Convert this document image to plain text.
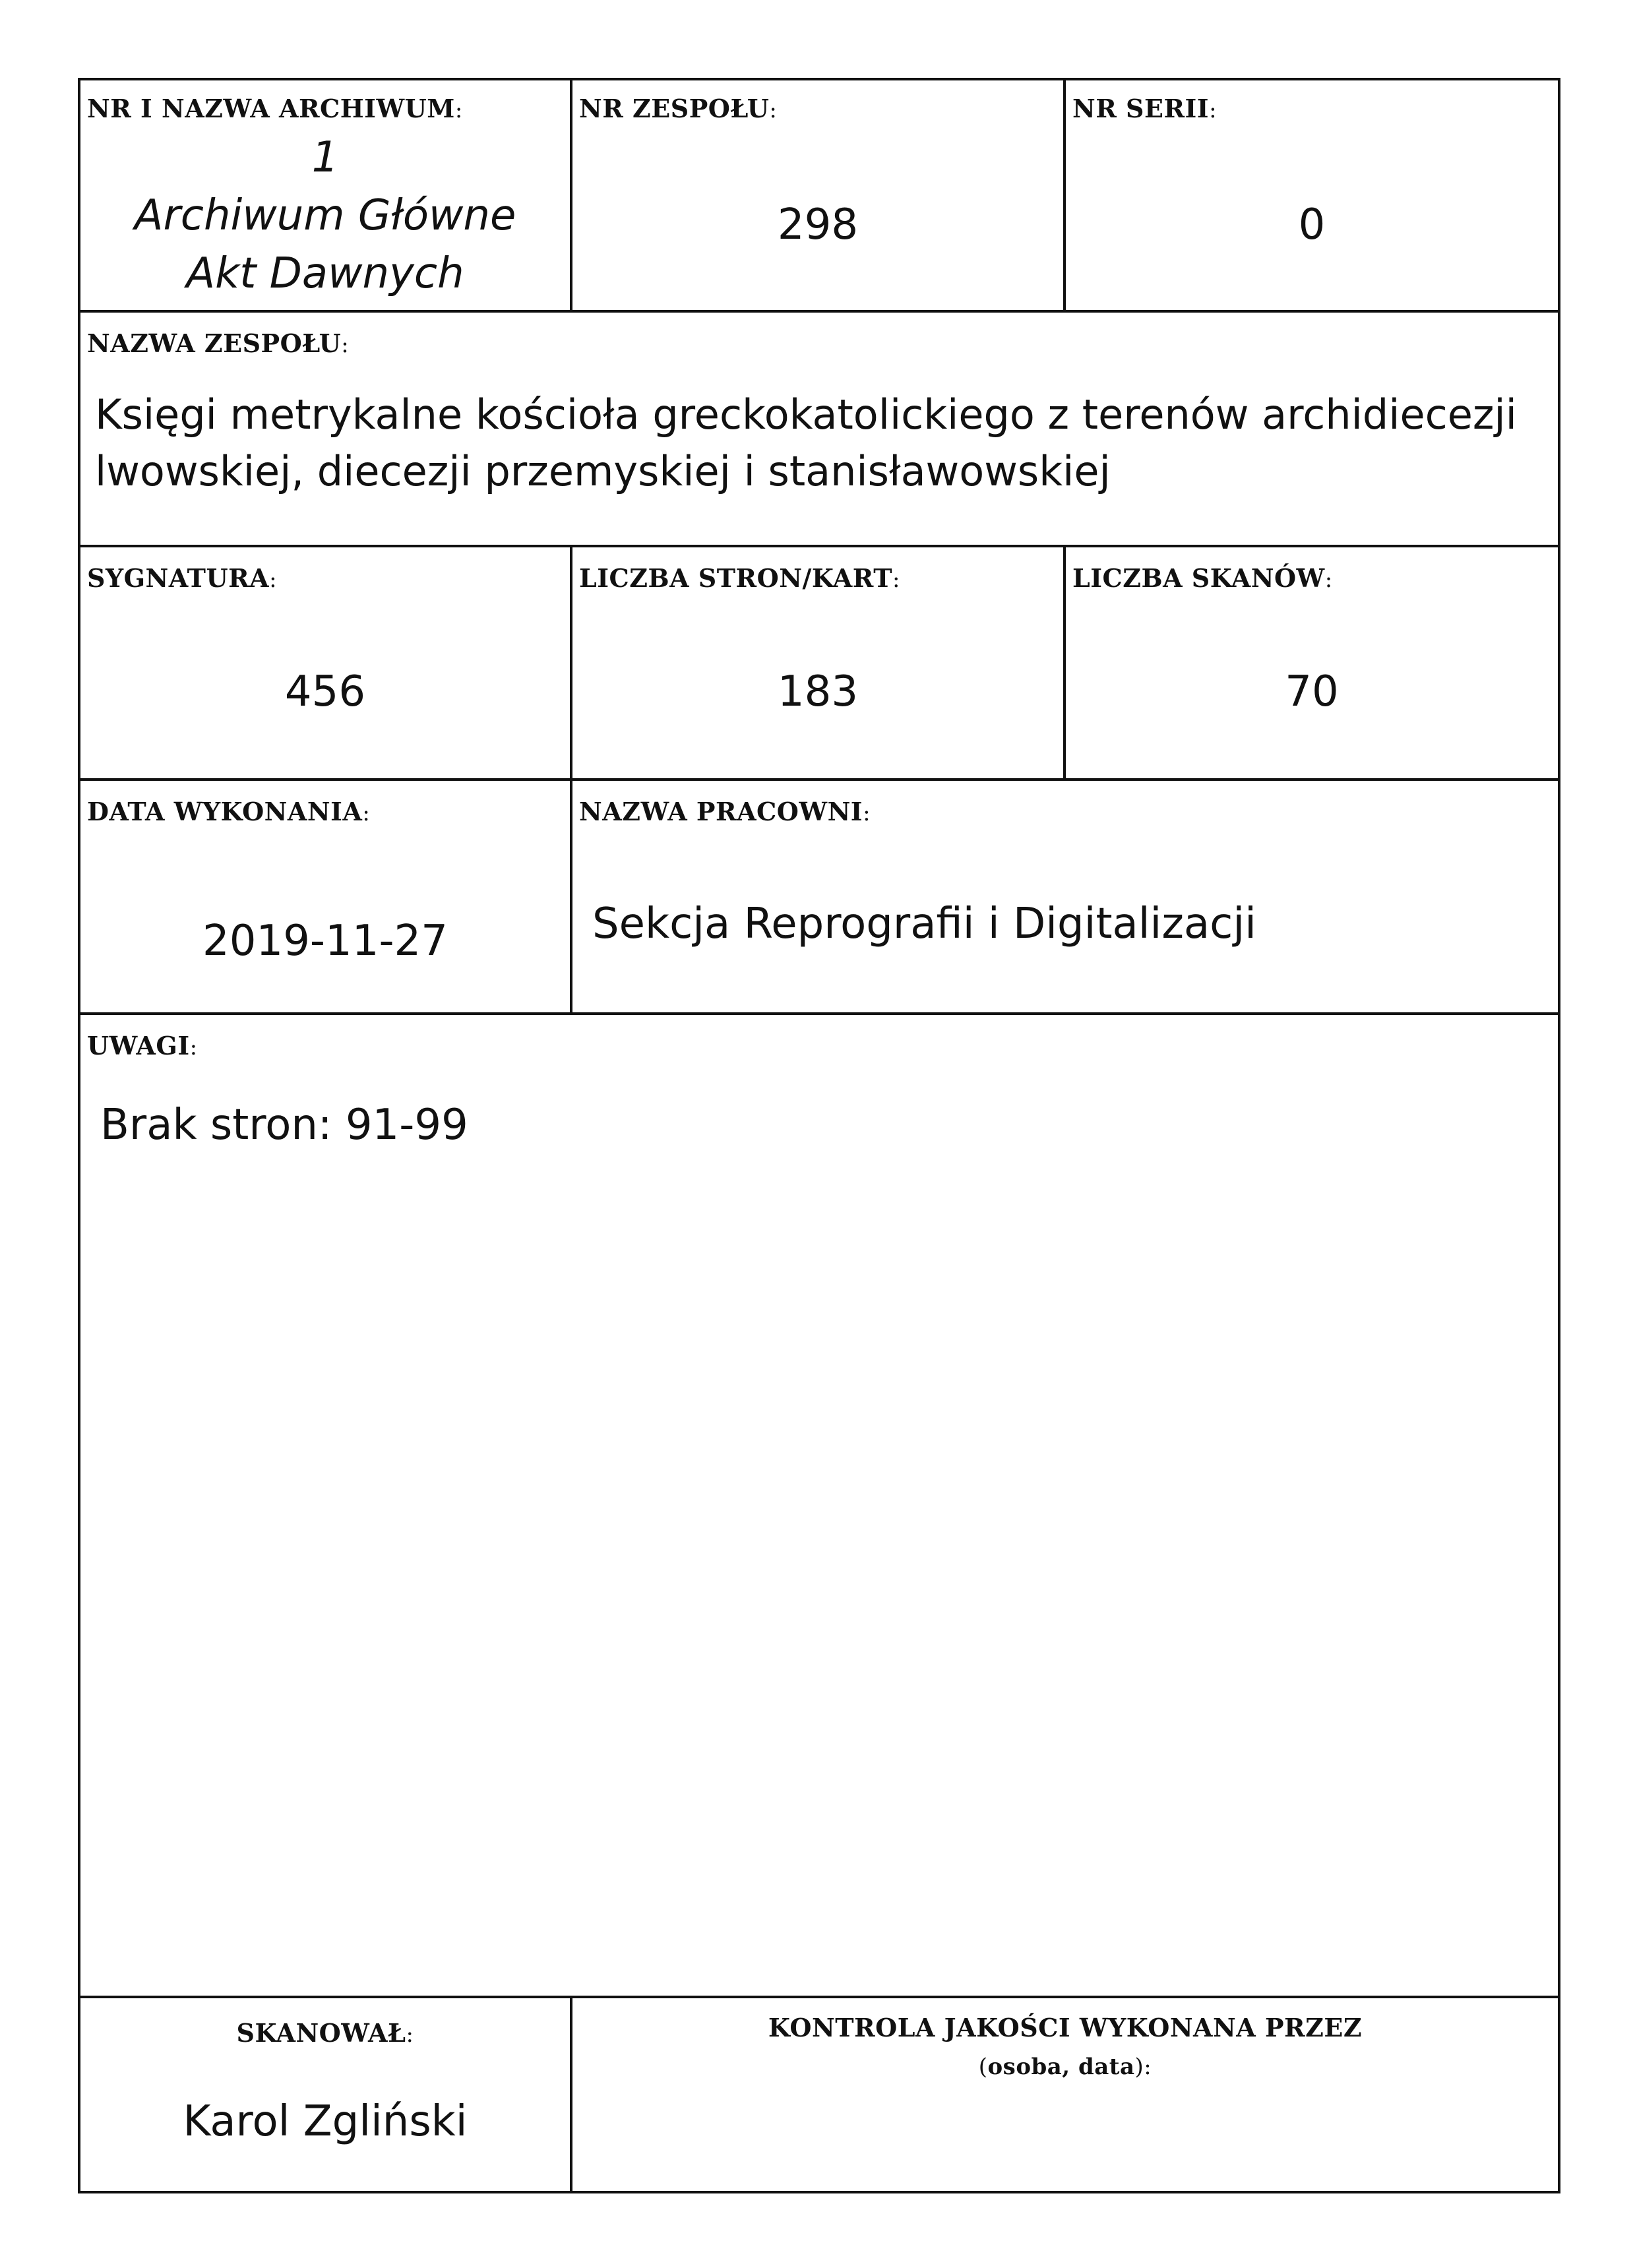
NR I NAZWA ARCHIWUM:
1
Archiwum Główne
Akt Dawnych
NR ZESPOŁU:
298
NR SERII:
0
NAZWA ZESPOŁU:
Księgi metrykalne kościoła greckokatolickiego z terenów archidiecezji
lwowskiej, diecezji przemyskiej i stanisławowskiej
SYGNATURA:
456
LICZBA STRON/KART:
183
LICZBA SKANÓW:
70
DATA WYKONANIA:
2019-11-27
NAZWA PRACOWNI:
Sekcja Reprografii i Digitalizacji
UWAGI:
Brak stron: 91-99
SKANOWAŁ:
Karol Zgliński
KONTROLA JAKOŚCI WYKONANA PRZEZ
(osoba, data):
